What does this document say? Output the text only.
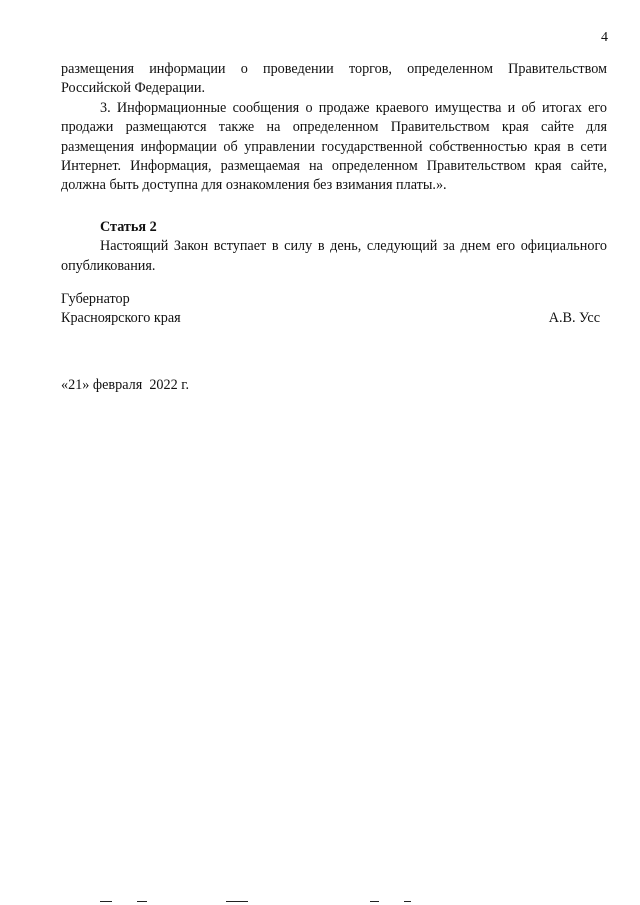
4

размещения информации о проведении торгов, определенном Правительством Российской Федерации.

3. Информационные сообщения о продаже краевого имущества и об итогах его продажи размещаются также на определенном Правительством края сайте для размещения информации об управлении государственной собственностью края в сети Интернет. Информация, размещаемая на определенном Правительством края сайте, должна быть доступна для ознакомления без взимания платы.».

Статья 2

Настоящий Закон вступает в силу в день, следующий за днем его официального опубликования.

Губернатор
Красноярского края	А.В. Усс
«21» февраля  2022 г.
